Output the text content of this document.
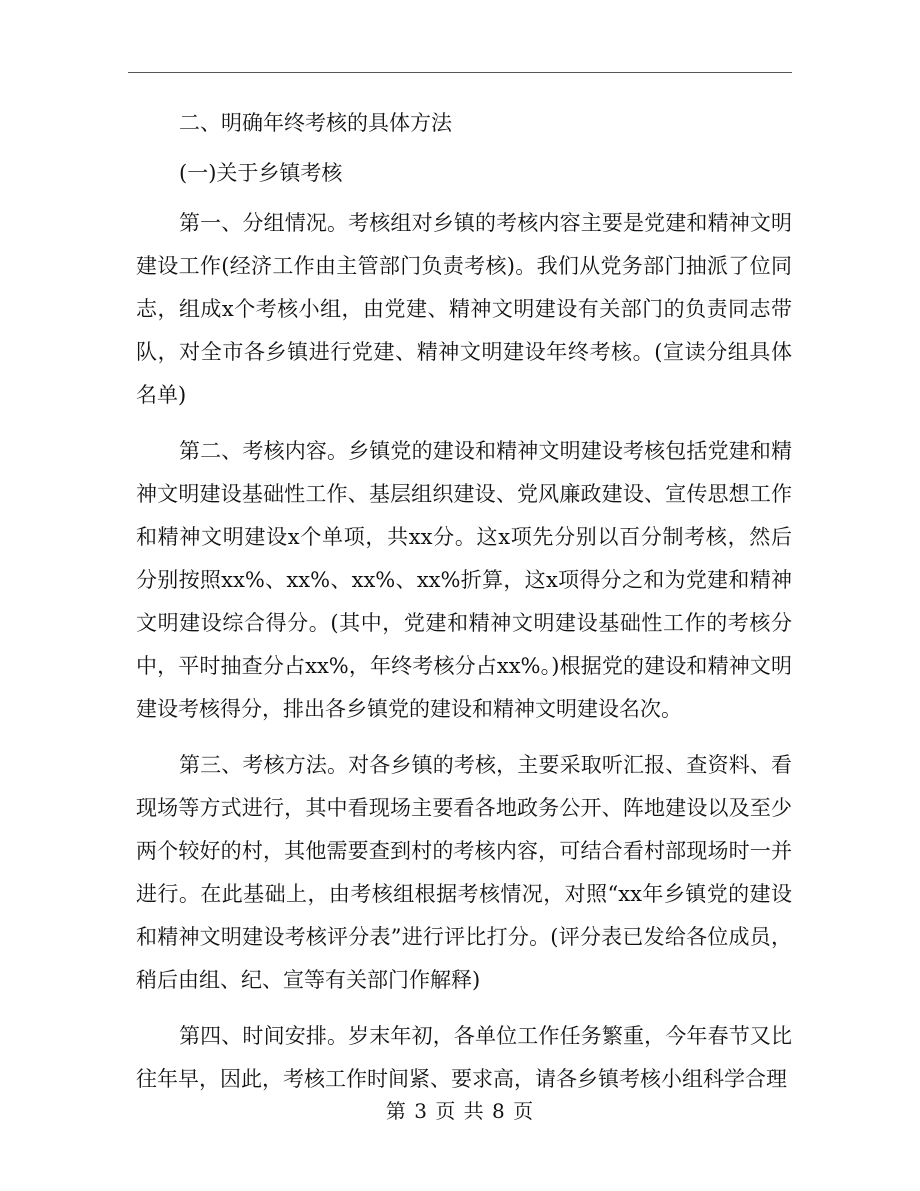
二、明确年终考核的具体方法
(一)关于乡镇考核

第一、分组情况。考核组对乡镇的考核内容主要是党建和精神文明建设工作(经济工作由主管部门负责考核)。我们从党务部门抽派了位同志，组成x个考核小组，由党建、精神文明建设有关部门的负责同志带队，对全市各乡镇进行党建、精神文明建设年终考核。(宣读分组具体名单)

第二、考核内容。乡镇党的建设和精神文明建设考核包括党建和精神文明建设基础性工作、基层组织建设、党风廉政建设、宣传思想工作和精神文明建设x个单项，共xx分。这x项先分别以百分制考核，然后分别按照xx%、xx%、xx%、xx%折算，这x项得分之和为党建和精神文明建设综合得分。(其中，党建和精神文明建设基础性工作的考核分中，平时抽查分占xx%，年终考核分占xx%。)根据党的建设和精神文明建设考核得分，排出各乡镇党的建设和精神文明建设名次。

第三、考核方法。对各乡镇的考核，主要采取听汇报、查资料、看现场等方式进行，其中看现场主要看各地政务公开、阵地建设以及至少两个较好的村，其他需要查到村的考核内容，可结合看村部现场时一并进行。在此基础上，由考核组根据考核情况，对照“xx年乡镇党的建设和精神文明建设考核评分表”进行评比打分。(评分表已发给各位成员，稍后由组、纪、宣等有关部门作解释)

第四、时间安排。岁末年初，各单位工作任务繁重，今年春节又比往年早，因此，考核工作时间紧、要求高，请各乡镇考核小组科学合理

第 3 页 共 8 页
